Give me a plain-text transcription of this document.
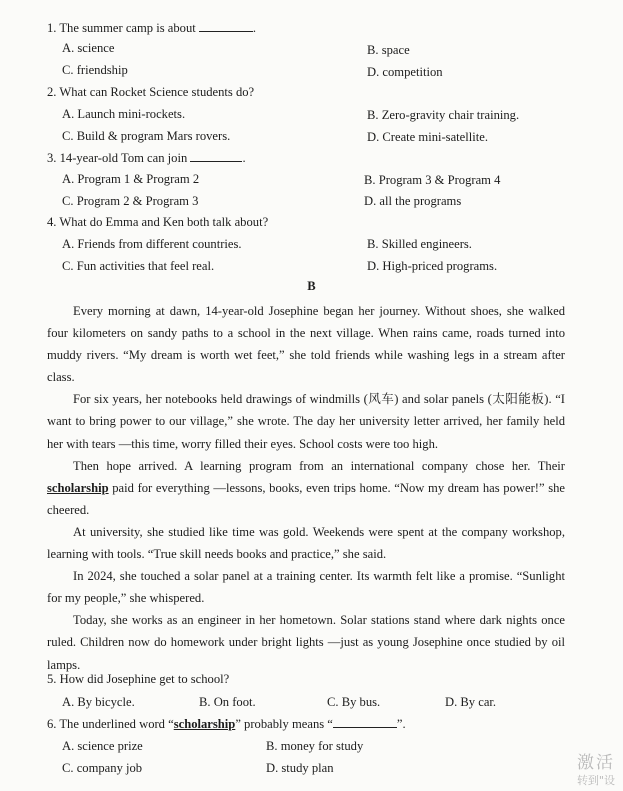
1. The summer camp is about	.
A. science	B. space
C. friendship	D. competition
2. What can Rocket Science students do?
A. Launch mini-rockets.	B. Zero-gravity chair training.
C. Build & program Mars rovers.	D. Create mini-satellite.
3. 14-year-old Tom can join	.
A. Program 1 & Program 2	B. Program 3 & Program 4
C. Program 2 & Program 3	D. all the programs
4. What do Emma and Ken both talk about?
A. Friends from different countries.	B. Skilled engineers.
C. Fun activities that feel real.	D. High-priced programs.
B

Every morning at dawn, 14-year-old Josephine began her journey. Without shoes, she walked four kilometers on sandy paths to a school in the next village. When rains came, roads turned into muddy rivers. “My dream is worth wet feet,” she told friends while washing legs in a stream after class.

For six years, her notebooks held drawings of windmills (风车) and solar panels (太阳能板). “I want to bring power to our village,” she wrote. The day her university letter arrived, her family held her with tears —this time, worry filled their eyes. School costs were too high.

Then hope arrived. A learning program from an international company chose her. Their scholarship paid for everything —lessons, books, even trips home. “Now my dream has power!” she cheered.

At university, she studied like time was gold. Weekends were spent at the company workshop, learning with tools. “True skill needs books and practice,” she said.

In 2024, she touched a solar panel at a training center. Its warmth felt like a promise. “Sunlight for my people,” she whispered.

Today, she works as an engineer in her hometown. Solar stations stand where dark nights once ruled. Children now do homework under bright lights —just as young Josephine once studied by oil lamps.

5. How did Josephine get to school?
A. By bicycle.	B. On foot.	C. By bus.	D. By car.
6. The underlined word “scholarship” probably means “	”.
A. science prize	B. money for study
C. company job	D. study plan	激活
转到"设
